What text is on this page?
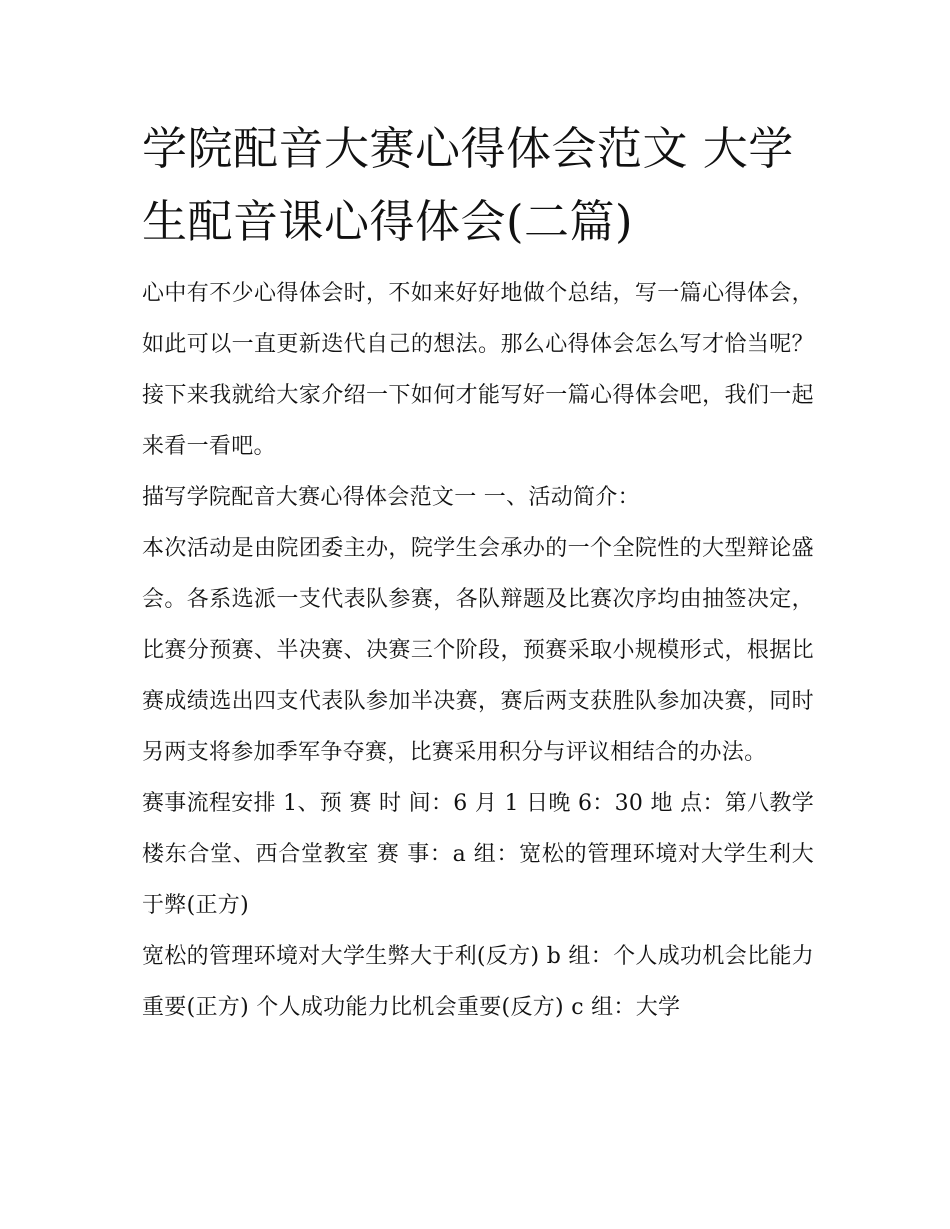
学院配音大赛心得体会范文 大学生配音课心得体会(二篇)

心中有不少心得体会时，不如来好好地做个总结，写一篇心得体会，如此可以一直更新迭代自己的想法。那么心得体会怎么写才恰当呢？接下来我就给大家介绍一下如何才能写好一篇心得体会吧，我们一起来看一看吧。

描写学院配音大赛心得体会范文一 一、活动简介：

本次活动是由院团委主办，院学生会承办的一个全院性的大型辩论盛会。各系选派一支代表队参赛，各队辩题及比赛次序均由抽签决定，比赛分预赛、半决赛、决赛三个阶段，预赛采取小规模形式，根据比赛成绩选出四支代表队参加半决赛，赛后两支获胜队参加决赛，同时另两支将参加季军争夺赛，比赛采用积分与评议相结合的办法。

赛事流程安排 1、预 赛 时 间：6 月 1 日晚 6：30 地 点：第八教学楼东合堂、西合堂教室 赛 事：a 组：宽松的管理环境对大学生利大于弊(正方)

宽松的管理环境对大学生弊大于利(反方) b 组：个人成功机会比能力重要(正方) 个人成功能力比机会重要(反方) c 组：大学
